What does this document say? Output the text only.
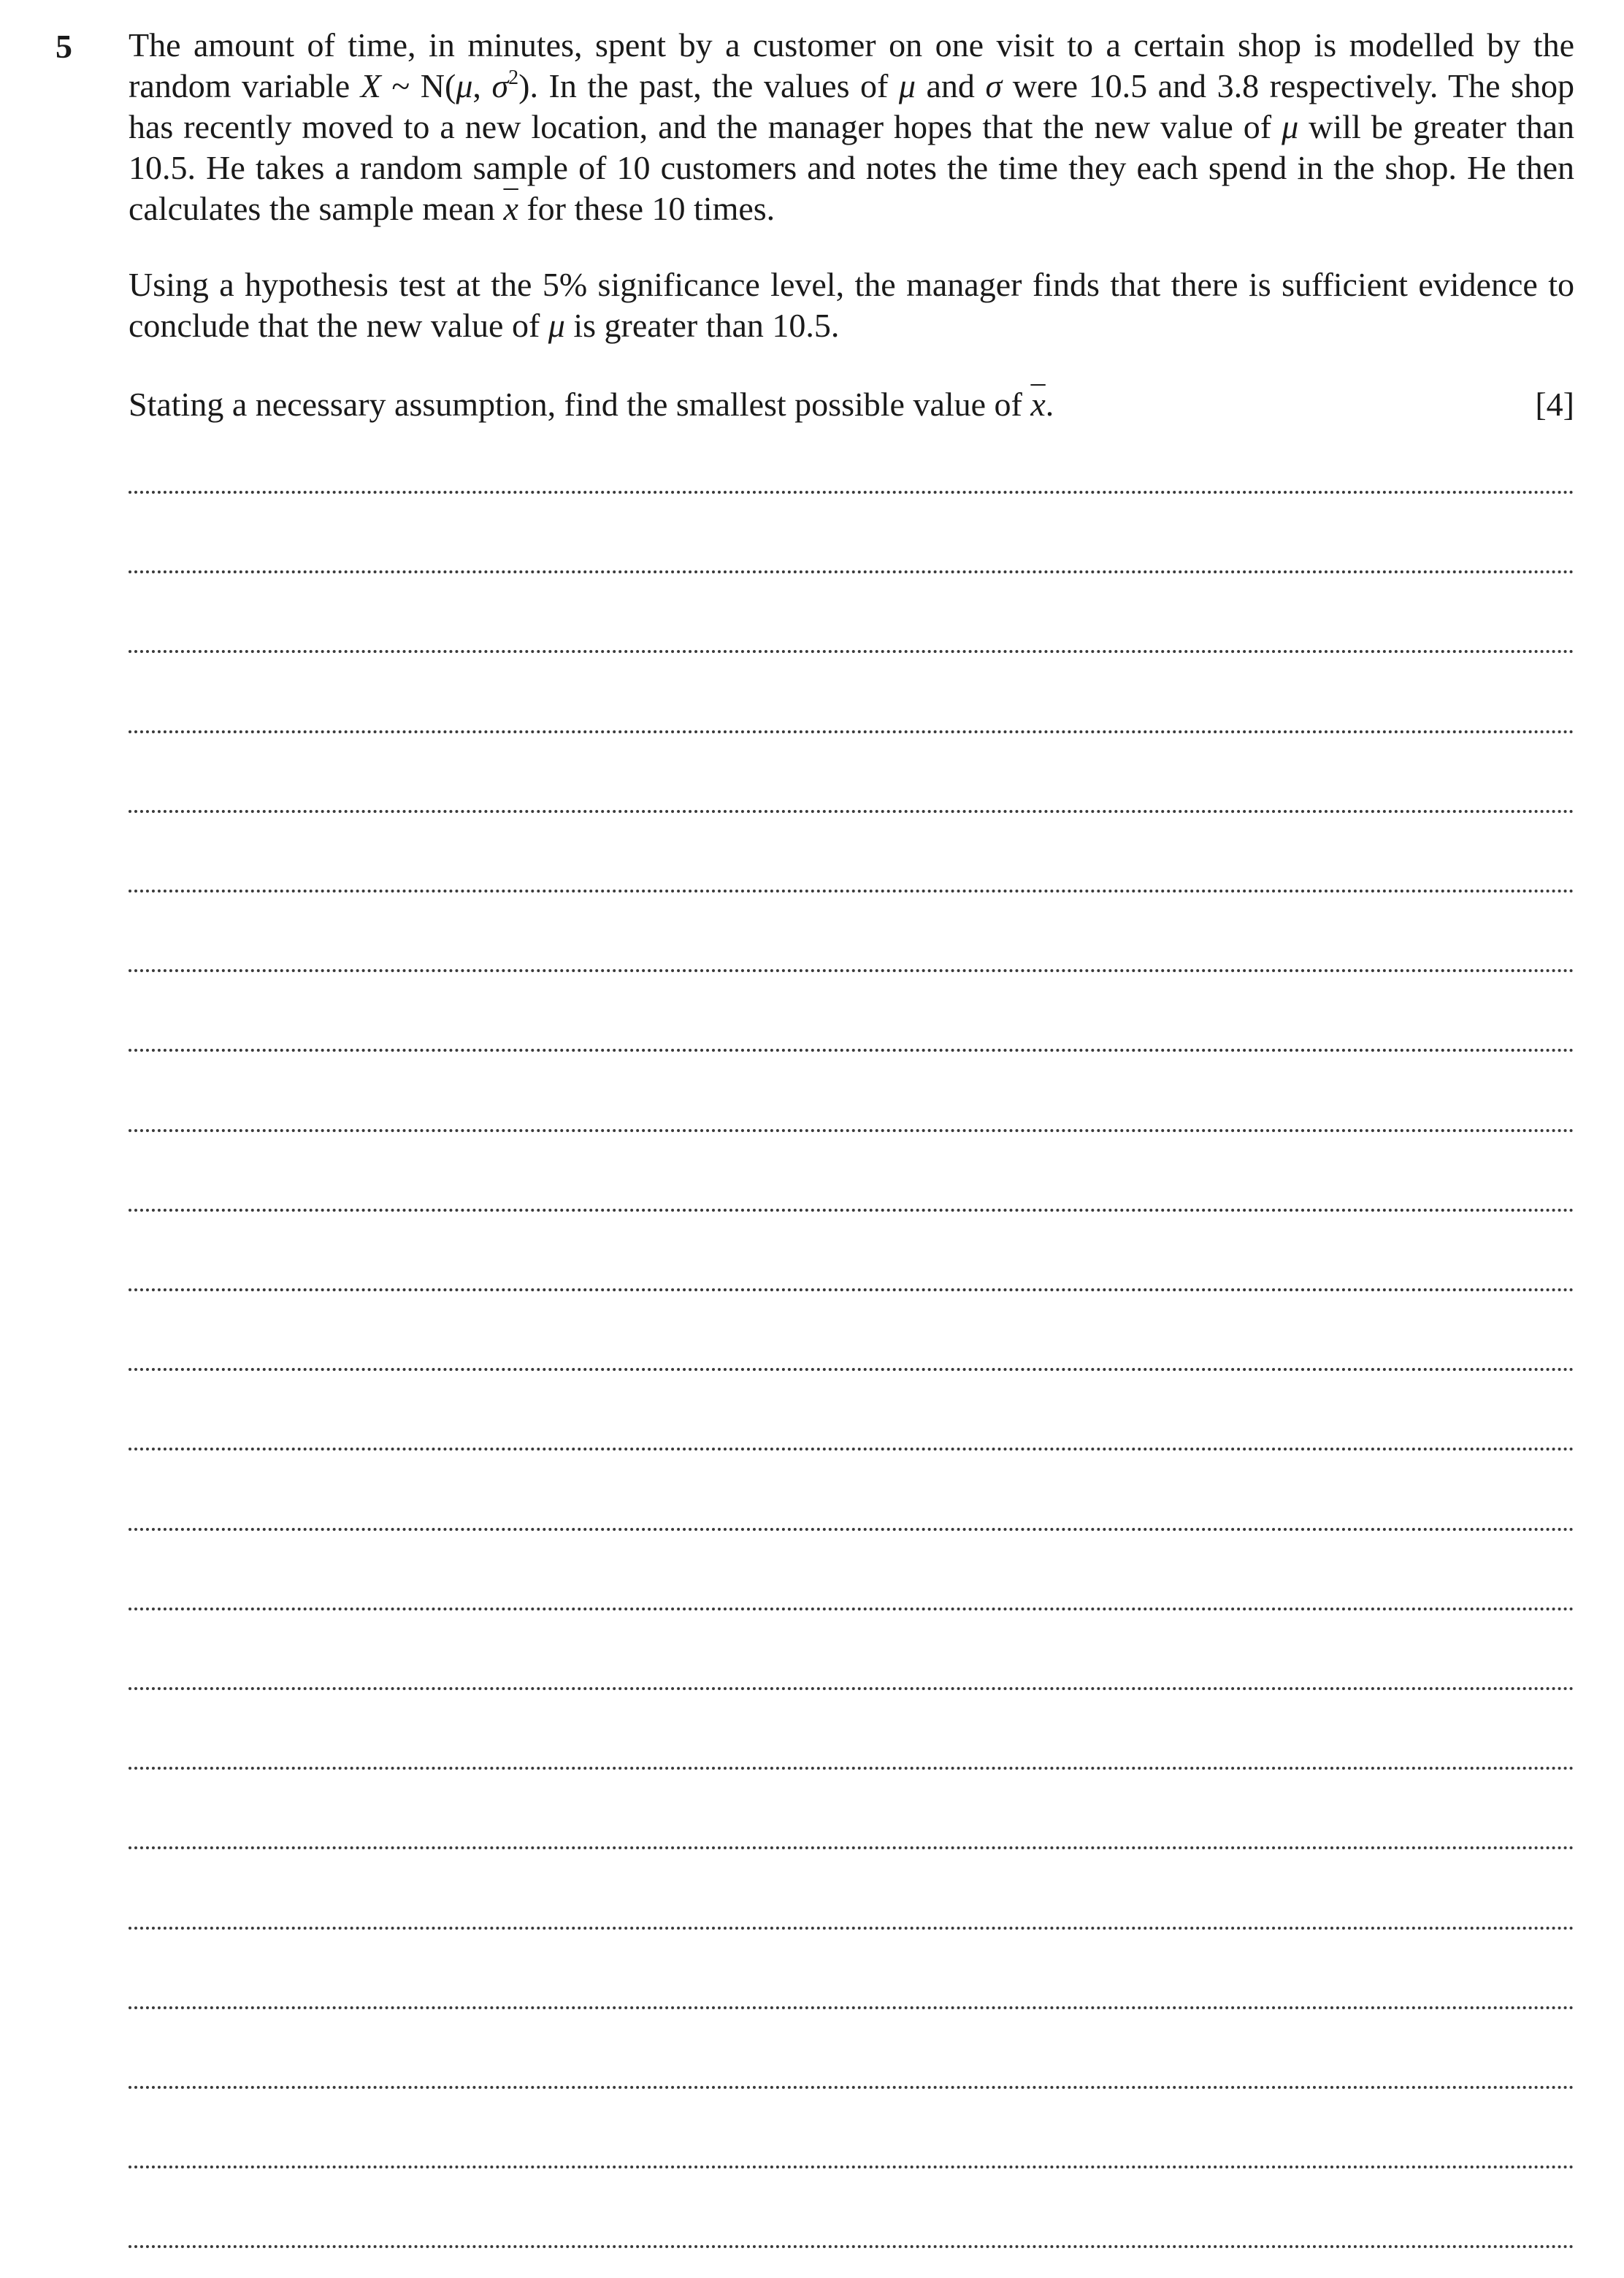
5 The amount of time, in minutes, spent by a customer on one visit to a certain shop is modelled by the random variable X ~ N(μ, $\sigma^2$). In the past, the values of μ and σ were 10.5 and 3.8 respectively. The shop has recently moved to a new location, and the manager hopes that the new value of μ will be greater than 10.5. He takes a random sample of 10 customers and notes the time they each spend in the shop. He then calculates the sample mean $\overline{x}$ for these 10 times.
Using a hypothesis test at the 5% significance level, the manager finds that there is sufficient evidence to conclude that the new value of μ is greater than 10.5.
Stating a necessary assumption, find the smallest possible value of $\overline{x}$.	[4]
